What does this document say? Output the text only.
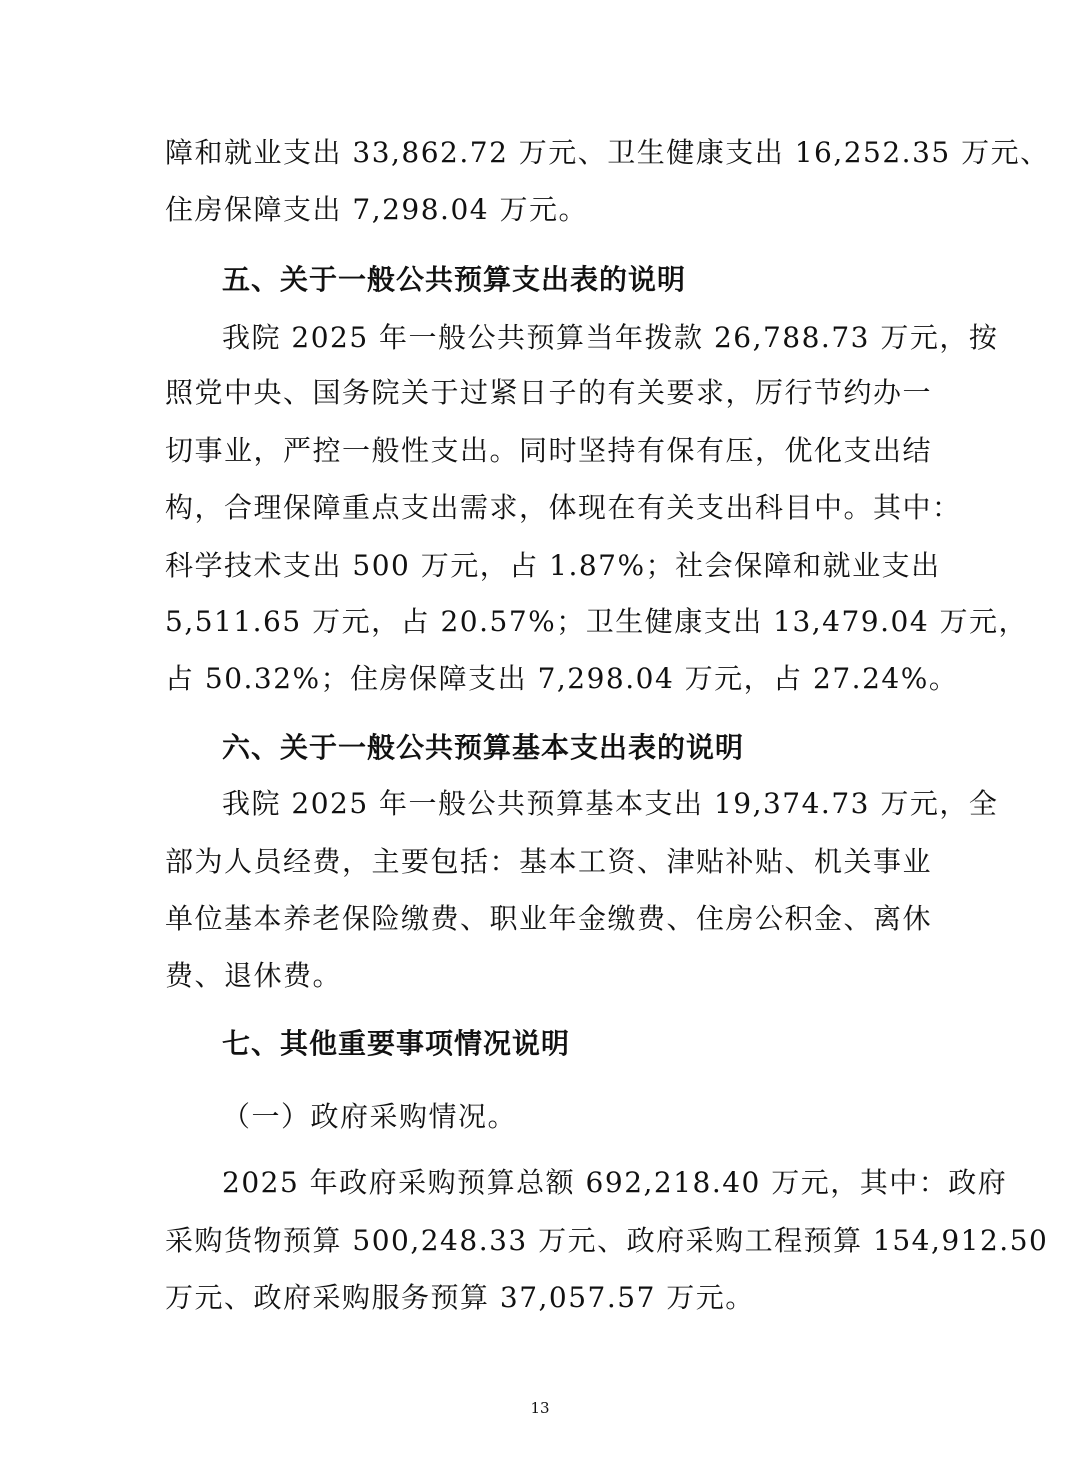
障和就业支出 33,862.72 万元、卫生健康支出 16,252.35 万元、
住房保障支出 7,298.04 万元。
五、关于一般公共预算支出表的说明
我院 2025 年一般公共预算当年拨款 26,788.73 万元，按
照党中央、国务院关于过紧日子的有关要求，厉行节约办一
切事业，严控一般性支出。同时坚持有保有压，优化支出结
构，合理保障重点支出需求，体现在有关支出科目中。其中：
科学技术支出 500 万元，占 1.87%；社会保障和就业支出
5,511.65 万元，占 20.57%；卫生健康支出 13,479.04 万元，
占 50.32%；住房保障支出 7,298.04 万元，占 27.24%。
六、关于一般公共预算基本支出表的说明
我院 2025 年一般公共预算基本支出 19,374.73 万元，全
部为人员经费，主要包括：基本工资、津贴补贴、机关事业
单位基本养老保险缴费、职业年金缴费、住房公积金、离休
费、退休费。
七、其他重要事项情况说明
（一）政府采购情况。
2025 年政府采购预算总额 692,218.40 万元，其中：政府
采购货物预算 500,248.33 万元、政府采购工程预算 154,912.50
万元、政府采购服务预算 37,057.57 万元。
13
